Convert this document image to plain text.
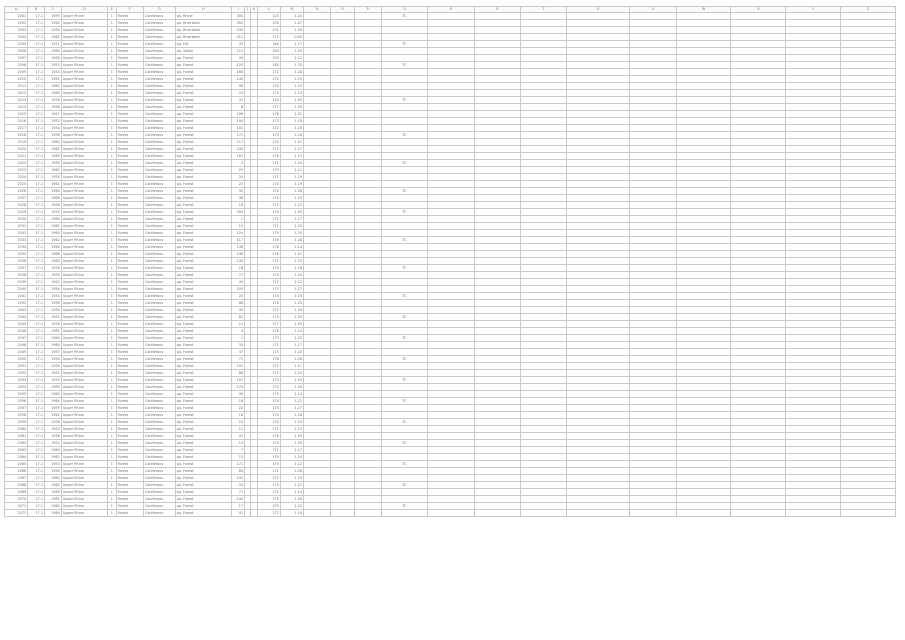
A	B	C	D	E	F	G	H	I	J	K	L	M	N	O	P	Q	R	S	T	U	V	W	X	Y	Z
2001	17.1	1995	Upper Rhine	1	Forest	Coniferous	pp. Rhine	300			120	1.24				TC									
2002	17.1	1962	Upper Rhine	1	Forest	Coniferous	pp. Riverbank	450			100	1.07													
2003	17.1	1950	Upper Rhine	1	Forest	Coniferous	pp. Riverbank	530			101	1.26													
2004	17.1	1961	Upper Rhine	1	Forest	Coniferous	pp. Riverbank	411			172	0.90													
2005	17.1	1971	Upper Rhine	1	Forest	Coniferous	pp. Hill	32			164	1.17				TC									
2006	17.1	1960	Upper Rhine	1	Forest	Coniferous	pp. Valley	110			163	1.43													
2007	17.1	1950	Upper Rhine	1	Forest	Coniferous	pp. Forest	44			100	1.12													
2008	17.1	1953	Upper Rhine	1	Forest	Coniferous	pp. Forest	120			180	1.33				TC									
2009	17.1	1954	Upper Rhine	1	Forest	Coniferous	pp. Forest	168			171	1.28													
2010	17.1	1961	Upper Rhine	1	Forest	Coniferous	pp. Forest	140			172	1.19													
2011	17.1	1962	Upper Rhine	1	Forest	Coniferous	pp. Forest	96			174	1.22													
2012	17.1	1964	Upper Rhine	1	Forest	Coniferous	pp. Forest	24			174	1.14													
2013	17.1	1954	Upper Rhine	1	Forest	Coniferous	pp. Forest	31			120	1.09				TC									
2014	17.1	1956	Upper Rhine	1	Forest	Coniferous	pp. Forest	8			177	1.20													
2015	17.1	1951	Upper Rhine	1	Forest	Coniferous	pp. Forest	106			176	1.31													
2016	17.1	1952	Upper Rhine	1	Forest	Coniferous	pp. Forest	100			173	1.18													
2017	17.1	1954	Upper Rhine	1	Forest	Coniferous	pp. Forest	101			172	1.25													
2018	17.1	1956	Upper Rhine	1	Forest	Coniferous	pp. Forest	171			173	1.16				TC									
2019	17.1	1960	Upper Rhine	1	Forest	Coniferous	pp. Forest	117			179	1.21													
2020	17.1	1961	Upper Rhine	1	Forest	Coniferous	pp. Forest	244			172	1.27													
2021	17.1	1963	Upper Rhine	1	Forest	Coniferous	pp. Forest	161			176	1.13													
2022	17.1	1950	Upper Rhine	1	Forest	Coniferous	pp. Forest	5			171	1.24				TC									
2023	17.1	1961	Upper Rhine	1	Forest	Coniferous	pp. Forest	20			170	1.11													
2024	17.1	1955	Upper Rhine	1	Forest	Coniferous	pp. Forest	20			171	1.29													
2025	17.1	1961	Upper Rhine	1	Forest	Coniferous	pp. Forest	22			170	1.19													
2026	17.1	1964	Upper Rhine	1	Forest	Coniferous	pp. Forest	30			174	1.26				TC									
2027	17.1	1969	Upper Rhine	1	Forest	Coniferous	pp. Forest	38			175	1.15													
2028	17.1	1956	Upper Rhine	1	Forest	Coniferous	pp. Forest	18			172	1.22													
2029	17.1	1952	Upper Rhine	1	Forest	Coniferous	pp. Forest	204			174	1.30				TC									
2030	17.1	1960	Upper Rhine	1	Forest	Coniferous	pp. Forest	1			172	1.17													
2031	17.1	1961	Upper Rhine	1	Forest	Coniferous	pp. Forest	10			171	1.23													
2032	17.1	1965	Upper Rhine	1	Forest	Coniferous	pp. Forest	124			170	1.20													
2033	17.1	1962	Upper Rhine	1	Forest	Coniferous	pp. Forest	117			176	1.28				TC									
2034	17.1	1964	Upper Rhine	1	Forest	Coniferous	pp. Forest	136			176	1.14													
2035	17.1	1968	Upper Rhine	1	Forest	Coniferous	pp. Forest	148			176	1.21													
2036	17.1	1963	Upper Rhine	1	Forest	Coniferous	pp. Forest	130			171	1.25													
2037	17.1	1954	Upper Rhine	1	Forest	Coniferous	pp. Forest	18			170	1.18				TC									
2038	17.1	1953	Upper Rhine	1	Forest	Coniferous	pp. Forest	77			174	1.24													
2039	17.1	1952	Upper Rhine	1	Forest	Coniferous	pp. Forest	44			172	1.12													
2040	17.1	1954	Upper Rhine	1	Forest	Coniferous	pp. Forest	109			172	1.27													
2041	17.1	1953	Upper Rhine	1	Forest	Coniferous	pp. Forest	20			174	1.19				TC									
2042	17.1	1956	Upper Rhine	1	Forest	Coniferous	pp. Forest	88			176	1.23													
2043	17.1	1950	Upper Rhine	1	Forest	Coniferous	pp. Forest	40			172	1.16													
2044	17.1	1951	Upper Rhine	1	Forest	Coniferous	pp. Forest	61			170	1.29				TC									
2045	17.1	1954	Upper Rhine	1	Forest	Coniferous	pp. Forest	11			177	1.20													
2046	17.1	1961	Upper Rhine	1	Forest	Coniferous	pp. Forest	4			176	1.14													
2047	17.1	1964	Upper Rhine	1	Forest	Coniferous	pp. Forest	1			173	1.25				TC									
2048	17.1	1960	Upper Rhine	1	Forest	Coniferous	pp. Forest	33			171	1.17													
2049	17.1	1957	Upper Rhine	1	Forest	Coniferous	pp. Forest	47			175	1.22													
2050	17.1	1954	Upper Rhine	1	Forest	Coniferous	pp. Forest	71			178	1.28				TC									
2051	17.1	1955	Upper Rhine	1	Forest	Coniferous	pp. Forest	151			172	1.11													
2052	17.1	1951	Upper Rhine	1	Forest	Coniferous	pp. Forest	88			172	1.24													
2053	17.1	1953	Upper Rhine	1	Forest	Coniferous	pp. Forest	107			173	1.19				TC									
2054	17.1	1963	Upper Rhine	1	Forest	Coniferous	pp. Forest	174			173	1.26													
2055	17.1	1960	Upper Rhine	1	Forest	Coniferous	pp. Forest	30			175	1.13													
2056	17.1	1964	Upper Rhine	1	Forest	Coniferous	pp. Forest	18			174	1.21				TC									
2057	17.1	1959	Upper Rhine	1	Forest	Coniferous	pp. Forest	22			173	1.27													
2058	17.1	1961	Upper Rhine	1	Forest	Coniferous	pp. Forest	16			170	1.18													
2059	17.1	1958	Upper Rhine	1	Forest	Coniferous	pp. Forest	10			174	1.23				TC									
2060	17.1	1953	Upper Rhine	1	Forest	Coniferous	pp. Forest	11			171	1.15													
2061	17.1	1956	Upper Rhine	1	Forest	Coniferous	pp. Forest	41			176	1.29													
2062	17.1	1952	Upper Rhine	1	Forest	Coniferous	pp. Forest	14			174	1.20				TC									
2063	17.1	1960	Upper Rhine	1	Forest	Coniferous	pp. Forest	7			171	1.17													
2064	17.1	1962	Upper Rhine	1	Forest	Coniferous	pp. Forest	15			170	1.24													
2065	17.1	1953	Upper Rhine	1	Forest	Coniferous	pp. Forest	171			173	1.12				TC									
2066	17.1	1954	Upper Rhine	1	Forest	Coniferous	pp. Forest	84			171	1.26													
2067	17.1	1960	Upper Rhine	1	Forest	Coniferous	pp. Forest	141			172	1.19													
2068	17.1	1962	Upper Rhine	1	Forest	Coniferous	pp. Forest	54			170	1.21				TC									
2069	17.1	1960	Upper Rhine	1	Forest	Coniferous	pp. Forest	71			171	1.14													
2070	17.1	1961	Upper Rhine	1	Forest	Coniferous	pp. Forest	140			175	1.28													
2071	17.1	1962	Upper Rhine	1	Forest	Coniferous	pp. Forest	17			170	1.22				TC									
2072	17.1	1964	Upper Rhine	1	Forest	Coniferous	pp. Forest	41			172	1.16													
